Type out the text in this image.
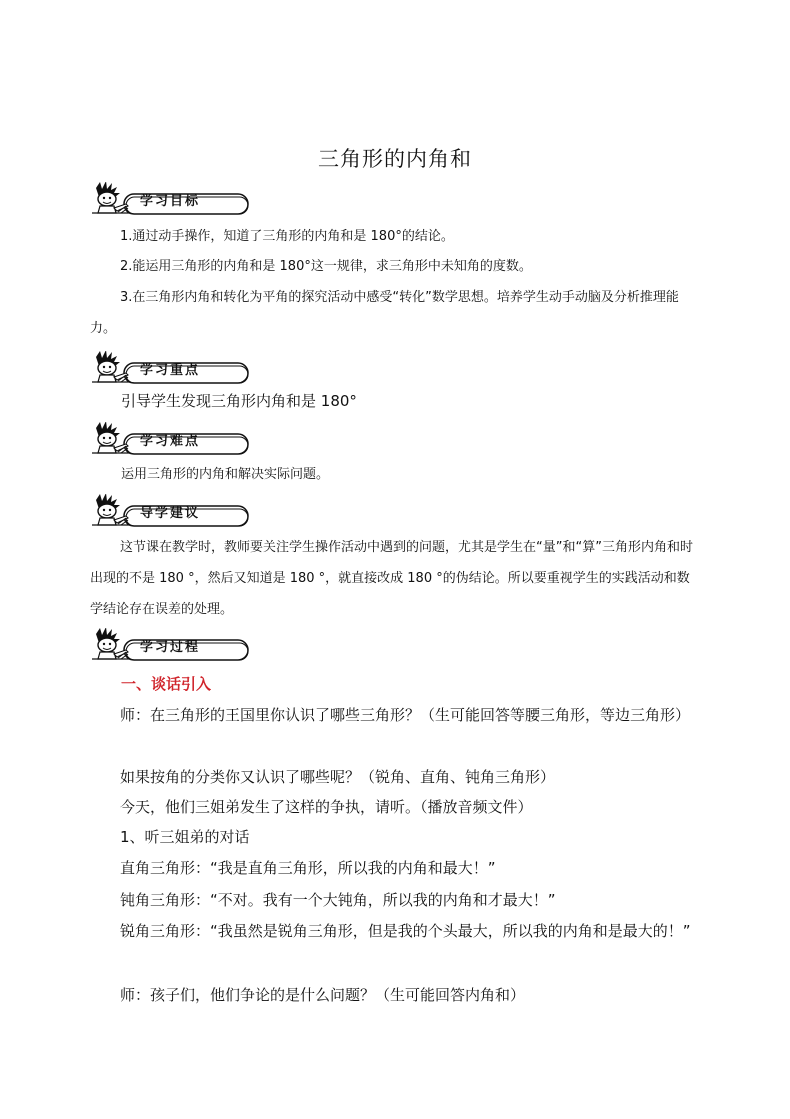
三角形的内角和
学习目标
1.通过动手操作，知道了三角形的内角和是 180°的结论。
2.能运用三角形的内角和是 180°这一规律，求三角形中未知角的度数。
3.在三角形内角和转化为平角的探究活动中感受“转化”数学思想。培养学生动手动脑及分析推理能力。
学习重点
引导学生发现三角形内角和是 180°
学习难点
运用三角形的内角和解决实际问题。
导学建议
这节课在教学时，教师要关注学生操作活动中遇到的问题，尤其是学生在“量”和“算”三角形内角和时出现的不是 180 °，然后又知道是 180 °，就直接改成 180 °的伪结论。所以要重视学生的实践活动和数学结论存在误差的处理。
学习过程
一、谈话引入
师：在三角形的王国里你认识了哪些三角形？（生可能回答等腰三角形，等边三角形）
如果按角的分类你又认识了哪些呢？（锐角、直角、钝角三角形）
今天，他们三姐弟发生了这样的争执，请听。（播放音频文件）
1、听三姐弟的对话
直角三角形：“我是直角三角形，所以我的内角和最大！”
钝角三角形：“不对。我有一个大钝角，所以我的内角和才最大！”
锐角三角形：“我虽然是锐角三角形，但是我的个头最大，所以我的内角和是最大的！”
师：孩子们，他们争论的是什么问题？（生可能回答内角和）
